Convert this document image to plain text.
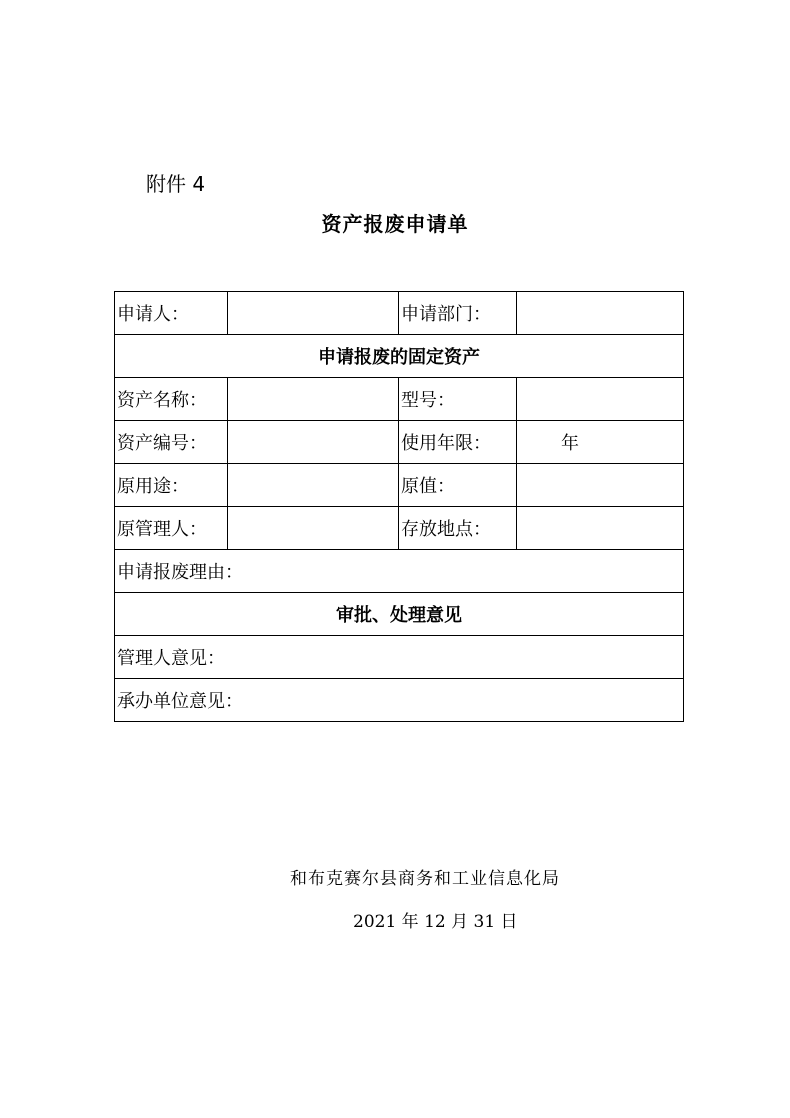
附件 4
资产报废申请单
申请人：		申请部门：	
申请报废的固定资产			
资产名称：		型号：	
资产编号：		使用年限：	年
原用途：		原值：	
原管理人：		存放地点：	
申请报废理由：			
审批、处理意见			
管理人意见：			
承办单位意见：			
和布克赛尔县商务和工业信息化局
2021 年 12 月 31 日
